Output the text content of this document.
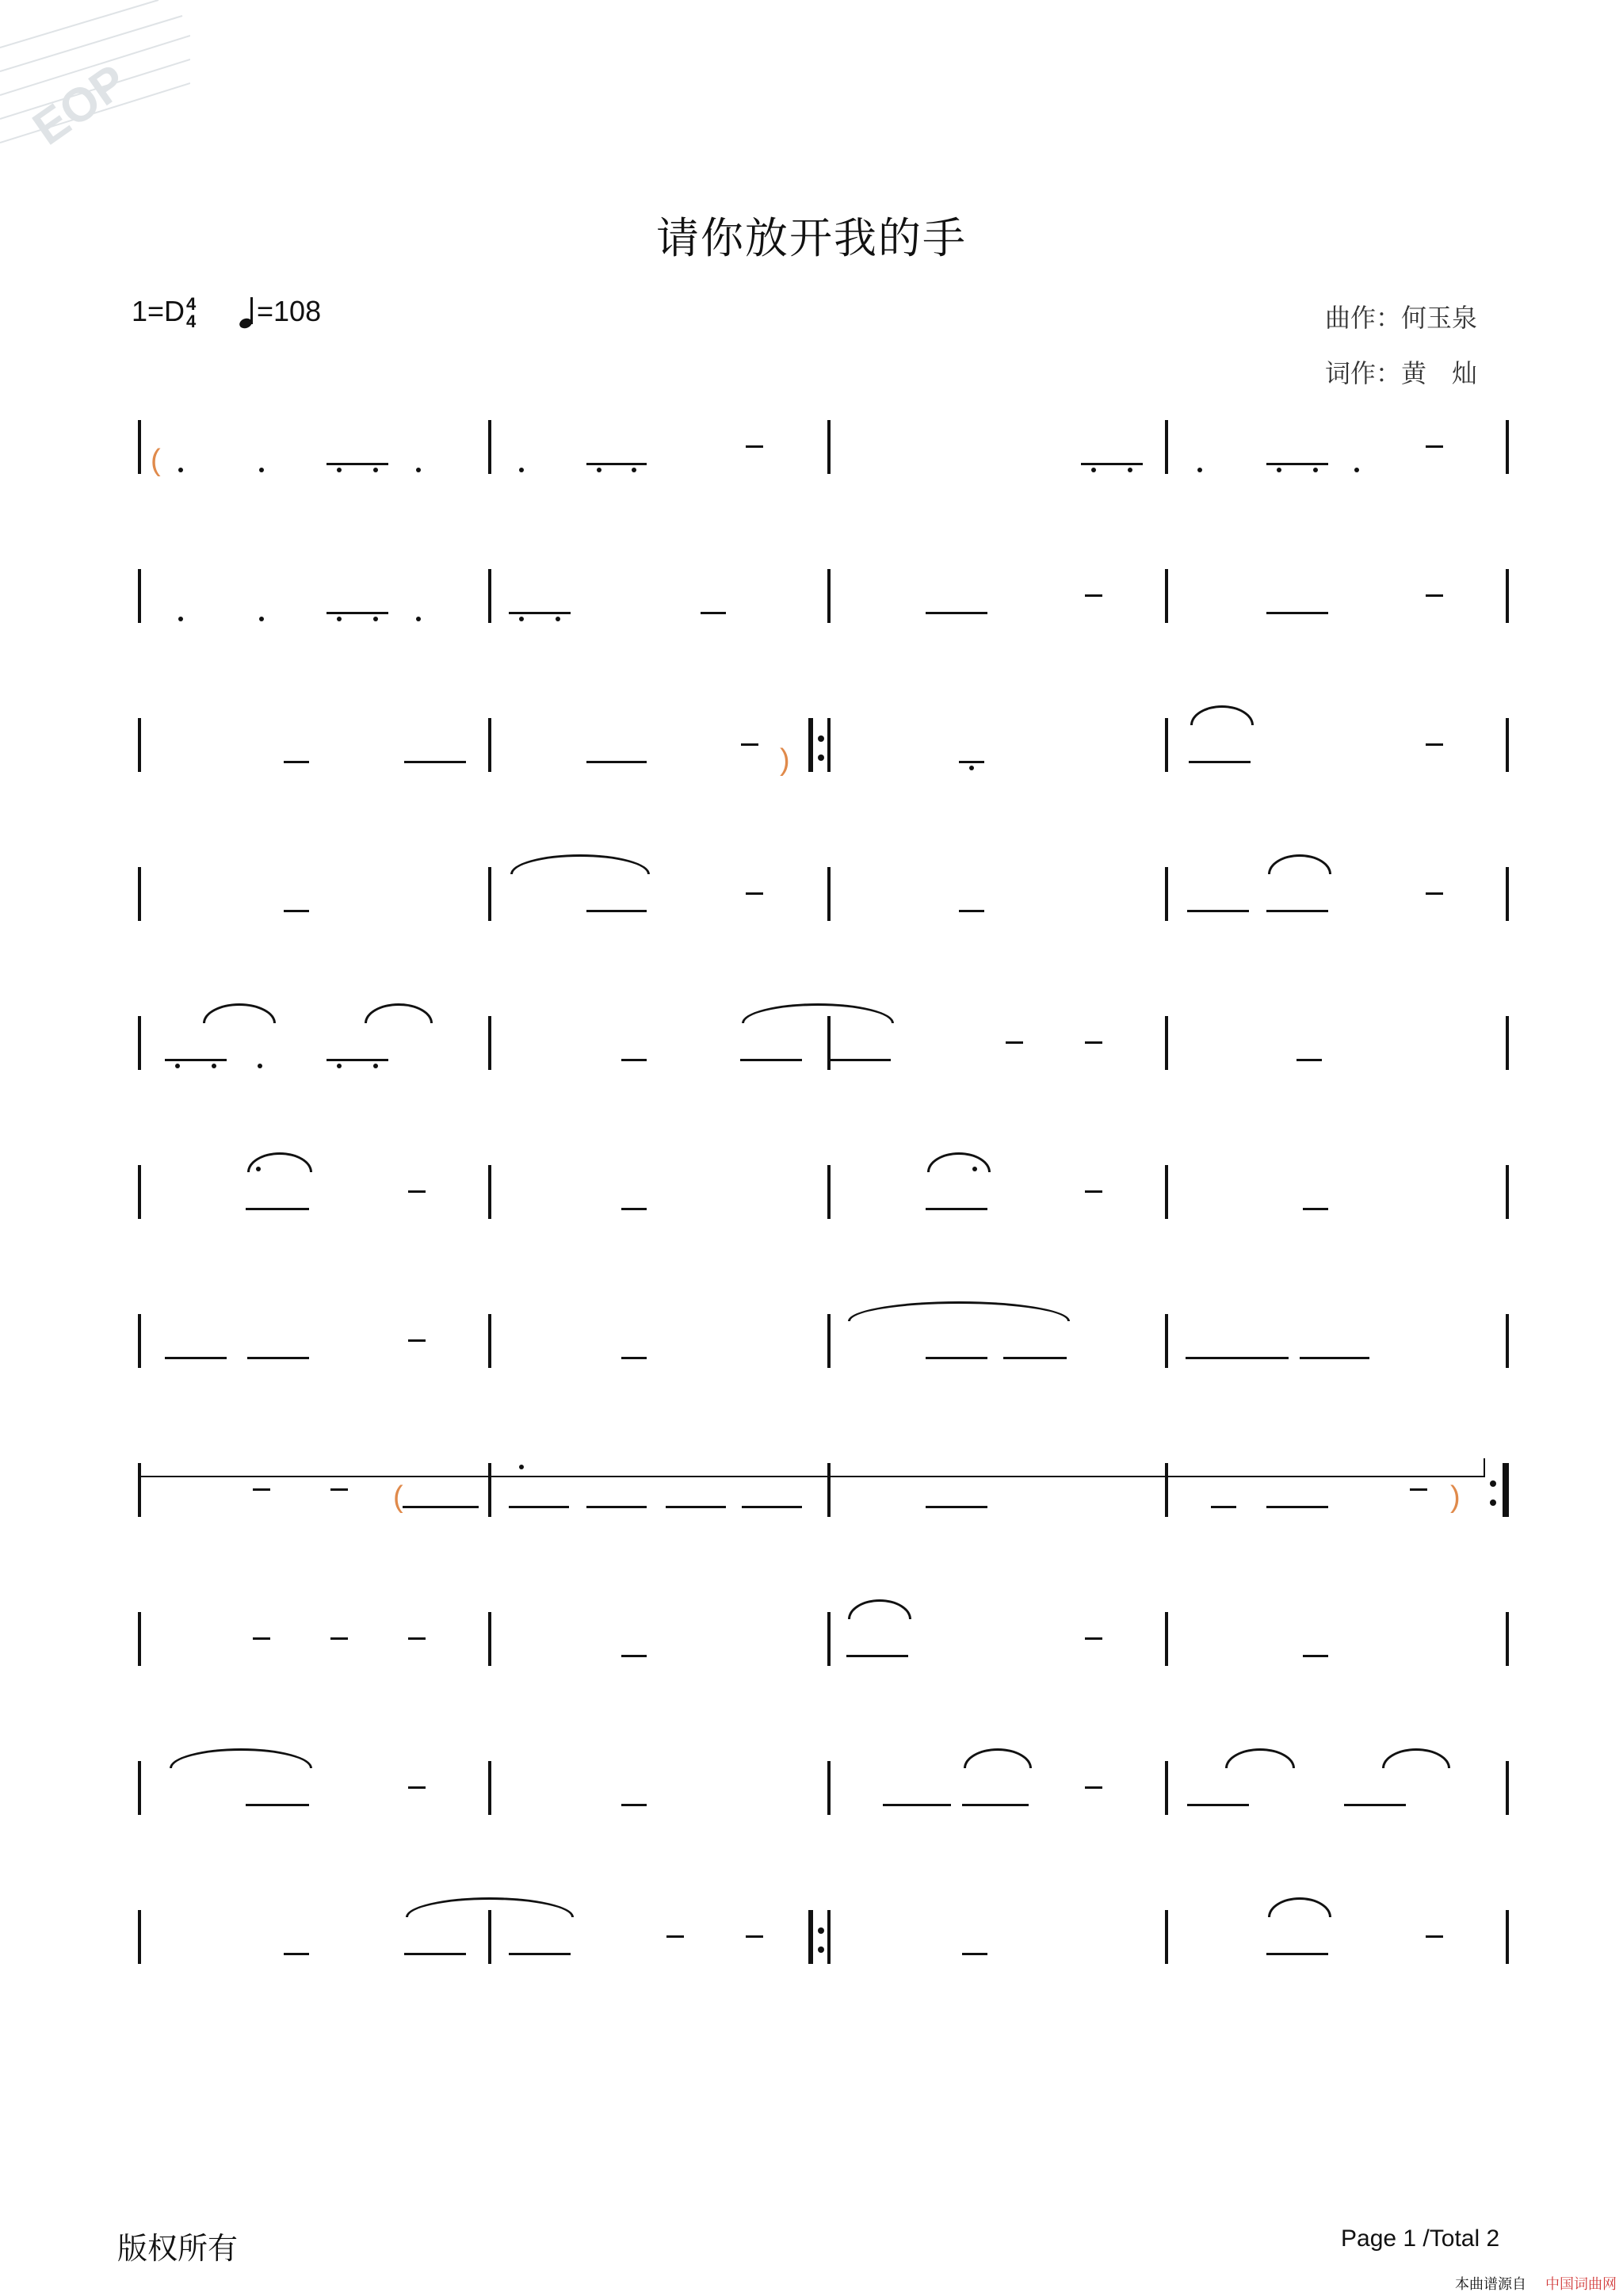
EOP
请你放开我的手
1=D4
4	=108	曲作：何玉泉
词作：黄　灿
(
)
(	)
版权所有	Page 1 /Total 2
本曲谱源自 中国词曲网
